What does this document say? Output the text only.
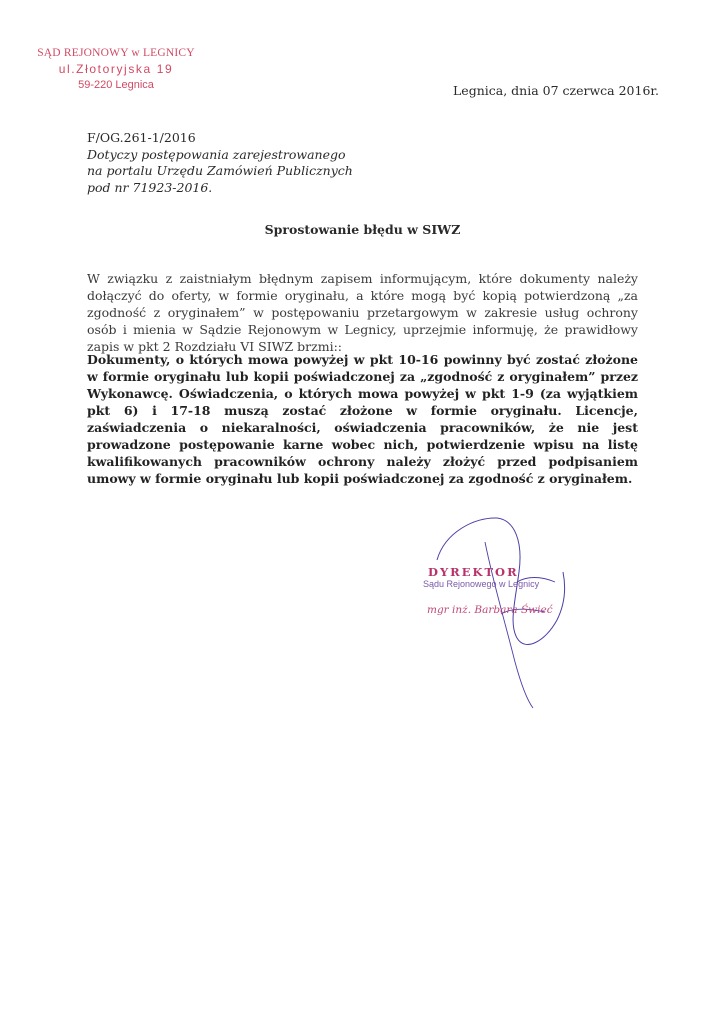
SĄD REJONOWY w LEGNICY
ul.Złotoryjska 19
59-220 Legnica	Legnica, dnia 07 czerwca 2016r.
F/OG.261-1/2016
Dotyczy postępowania zarejestrowanego
na portalu Urzędu Zamówień Publicznych
pod nr 71923-2016.
Sprostowanie błędu w SIWZ
W związku z zaistniałym błędnym zapisem informującym, które dokumenty należy dołączyć do oferty, w formie oryginału, a które mogą być kopią potwierdzoną „za zgodność z oryginałem” w postępowaniu przetargowym w zakresie usług ochrony osób i mienia w Sądzie Rejonowym w Legnicy, uprzejmie informuję, że prawidłowy zapis w pkt 2 Rozdziału VI SIWZ brzmi::
Dokumenty, o których mowa powyżej w pkt 10-16 powinny być zostać złożone w formie oryginału lub kopii poświadczonej za „zgodność z oryginałem” przez Wykonawcę. Oświadczenia, o których mowa powyżej w pkt 1-9 (za wyjątkiem pkt 6) i 17-18 muszą zostać złożone w formie oryginału. Licencje, zaświadczenia o niekaralności, oświadczenia pracowników, że nie jest prowadzone postępowanie karne wobec nich, potwierdzenie wpisu na listę kwalifikowanych pracowników ochrony należy złożyć przed podpisaniem umowy w formie oryginału lub kopii poświadczonej za zgodność z oryginałem.
DYREKTOR
Sądu Rejonowego w Legnicy
mgr inż. Barbara Świeć
